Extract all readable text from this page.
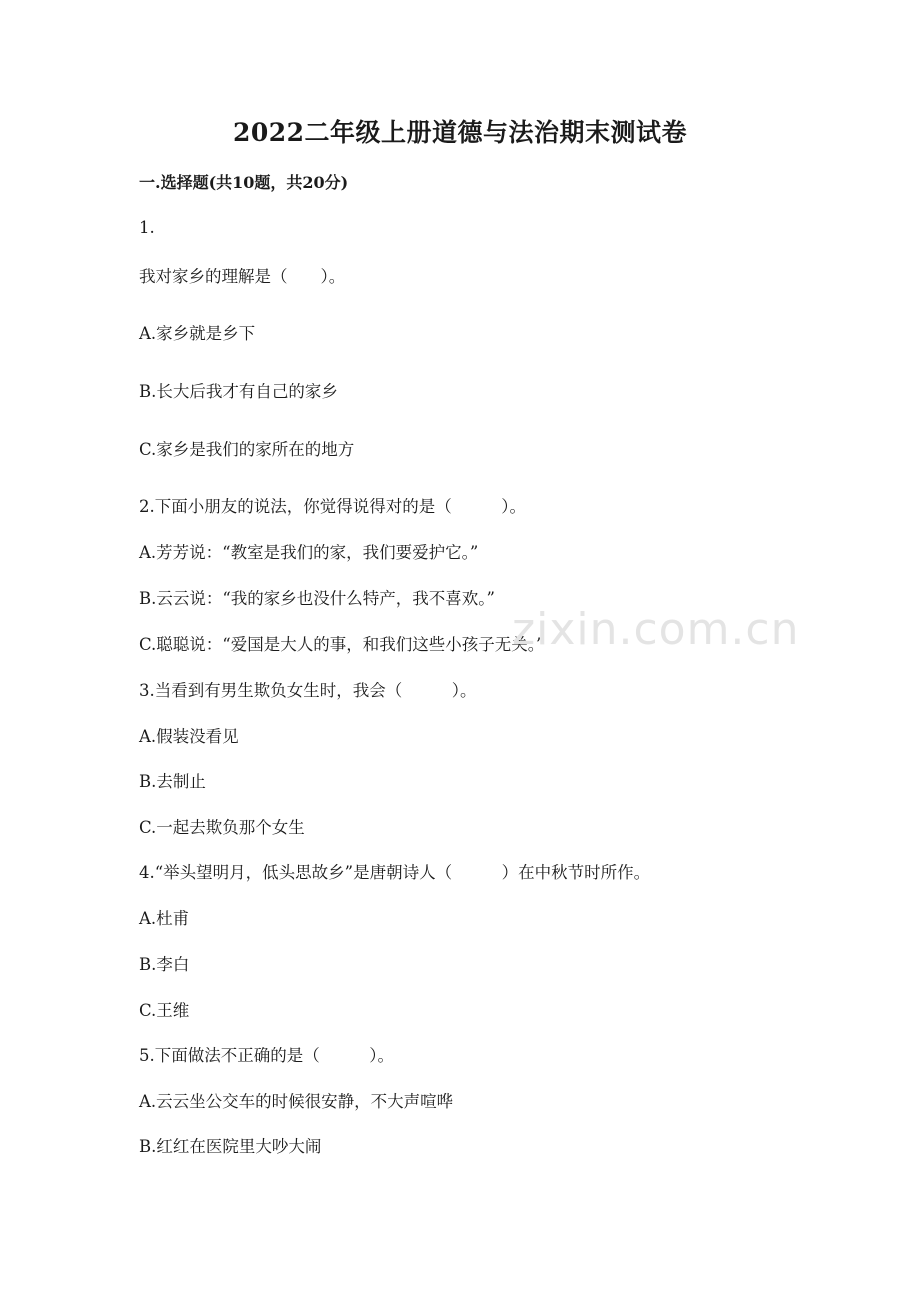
2022二年级上册道德与法治期末测试卷
一.选择题(共10题，共20分)
1.
我对家乡的理解是（　　）。
A.家乡就是乡下
B.长大后我才有自己的家乡
C.家乡是我们的家所在的地方
2.下面小朋友的说法，你觉得说得对的是（　　　）。
A.芳芳说：“教室是我们的家，我们要爱护它。”
B.云云说：“我的家乡也没什么特产，我不喜欢。”
C.聪聪说：“爱国是大人的事，和我们这些小孩子无关。”
3.当看到有男生欺负女生时，我会（　　　）。
A.假装没看见
B.去制止
C.一起去欺负那个女生
4.“举头望明月，低头思故乡”是唐朝诗人（　　　）在中秋节时所作。
A.杜甫
B.李白
C.王维
5.下面做法不正确的是（　　　）。
A.云云坐公交车的时候很安静，不大声喧哗
B.红红在医院里大吵大闹
zixin.com.cn
